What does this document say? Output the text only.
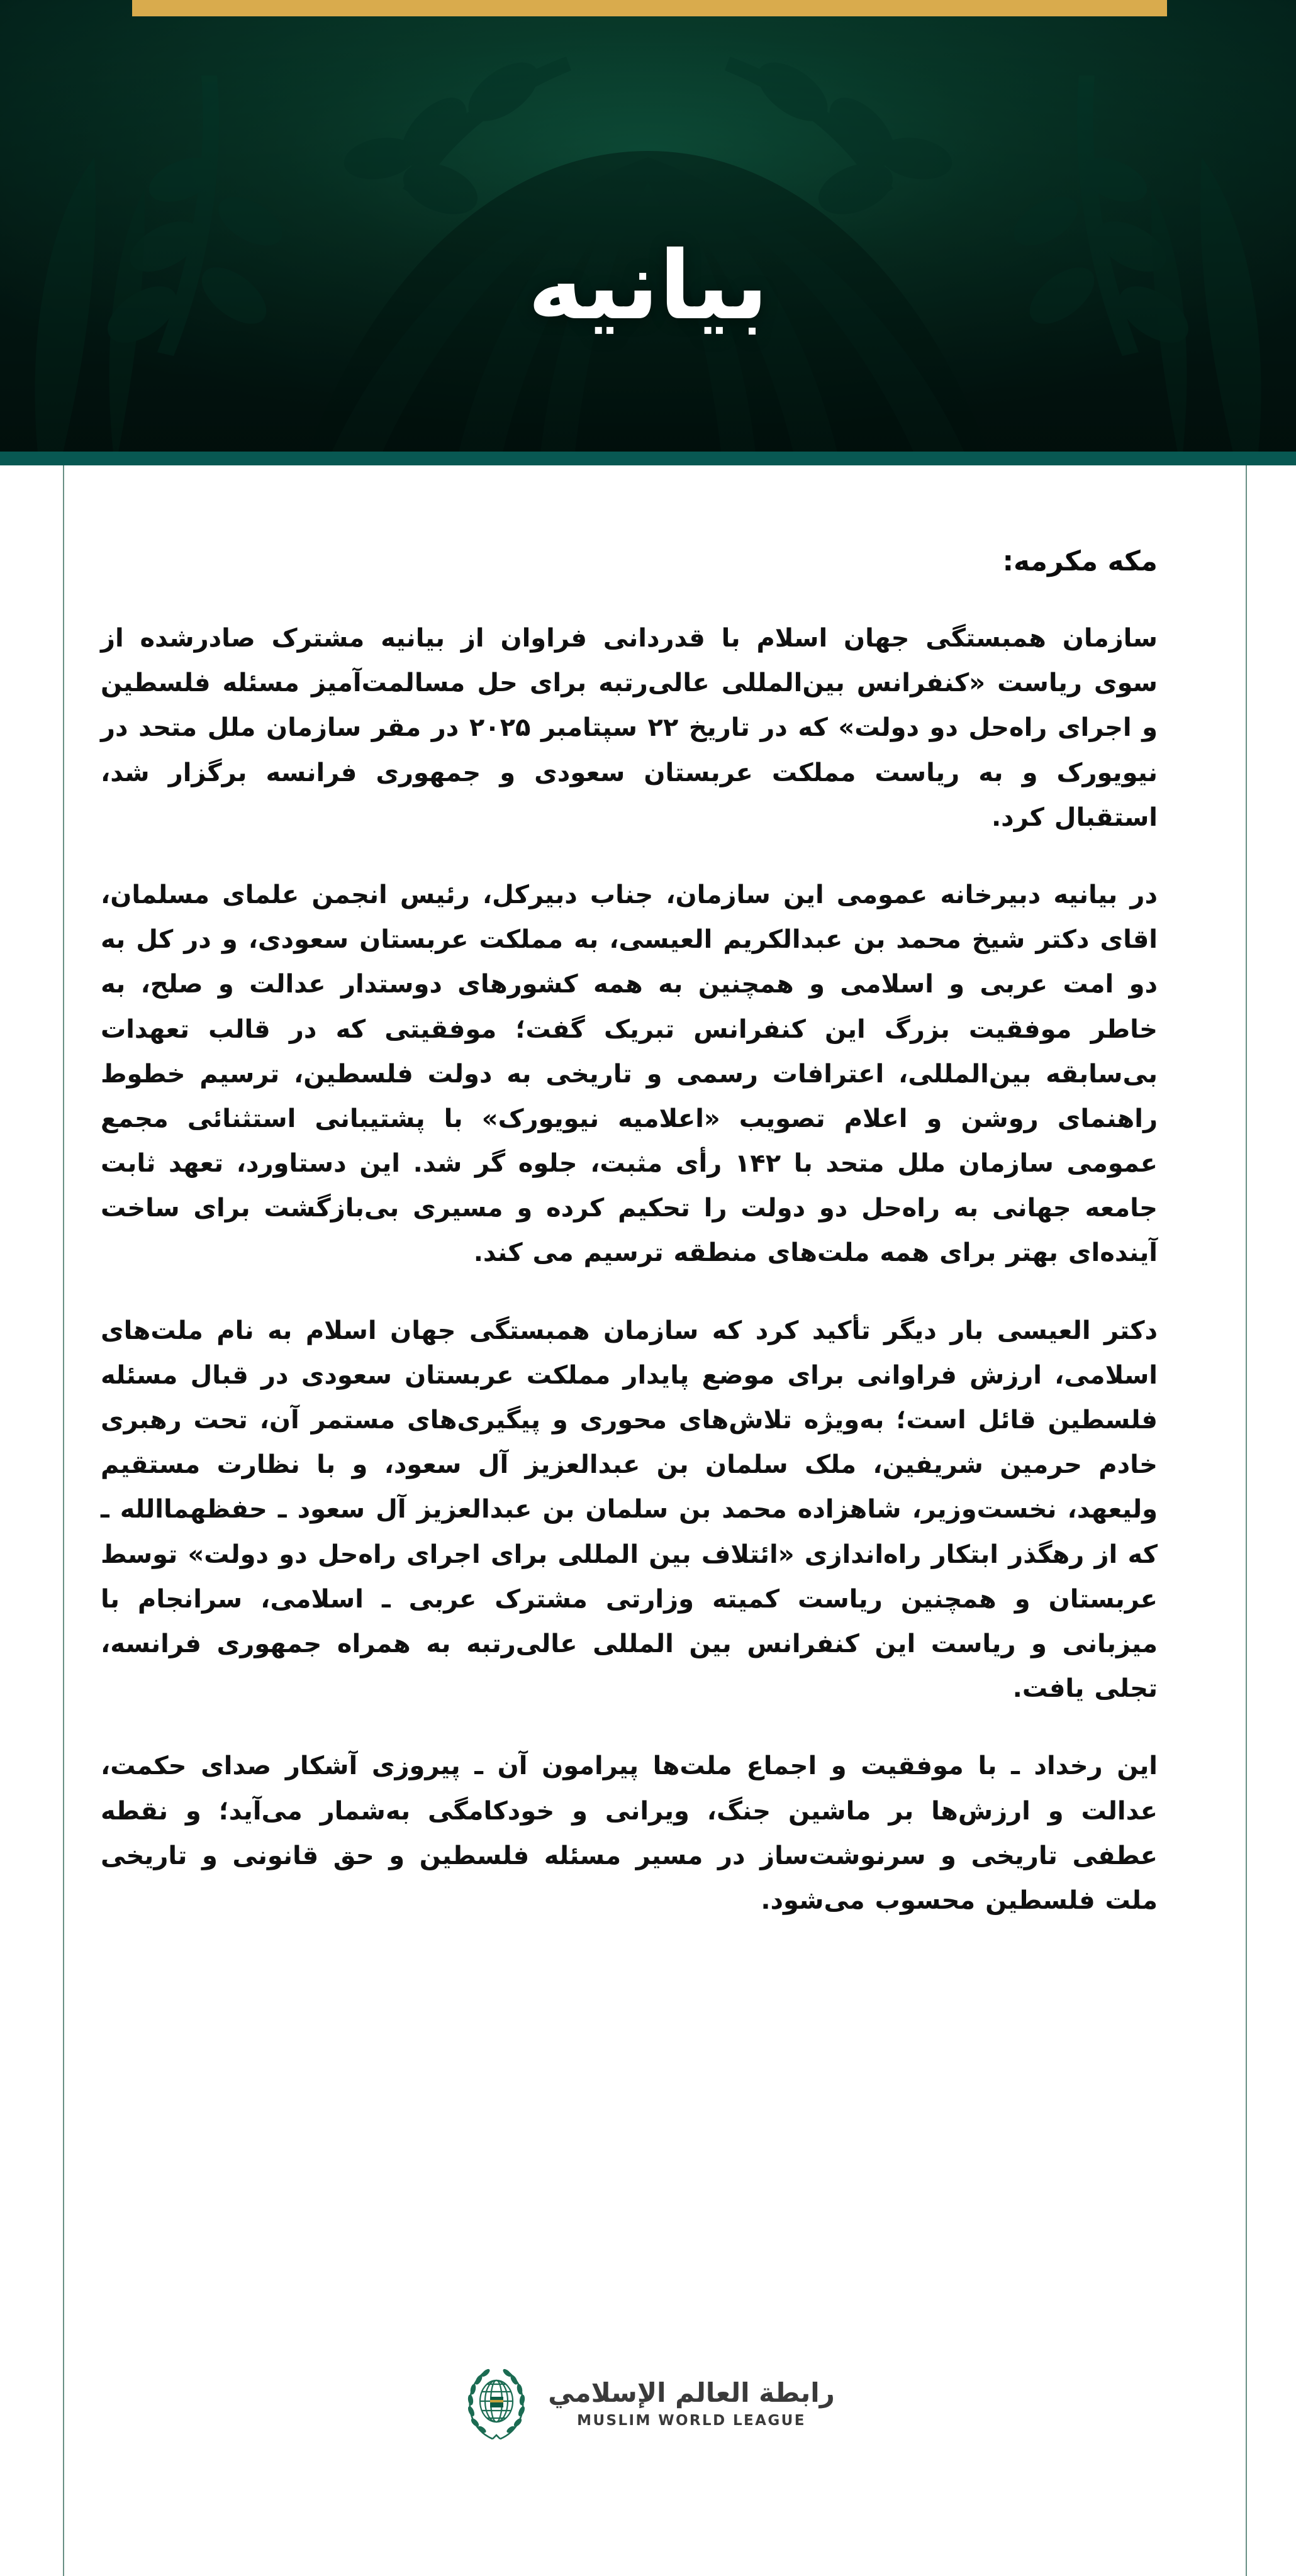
بیانیه

مکه مکرمه:

سازمان همبستگی جهان اسلام با قدردانی فراوان از بیانیه مشترک صادرشده از سوی ریاست «کنفرانس بین‌المللی عالی‌رتبه برای حل مسالمت‌آمیز مسئله فلسطین و اجرای راه‌حل دو دولت» که در تاریخ ۲۲ سپتامبر ۲۰۲۵ در مقر سازمان ملل متحد در نیویورک و به ریاست مملکت عربستان سعودی و جمهوری فرانسه برگزار شد، استقبال کرد.

در بیانیه دبیرخانه عمومی این سازمان، جناب دبیرکل، رئیس انجمن علمای مسلمان، اقای دکتر شیخ محمد بن عبدالکریم العیسی، به مملکت عربستان سعودی، و در کل به دو امت عربی و اسلامی و همچنین به همه کشورهای دوستدار عدالت و صلح، به خاطر موفقیت بزرگ این کنفرانس تبریک گفت؛ موفقیتی که در قالب تعهدات بی‌سابقه بین‌المللی، اعترافات رسمی و تاریخی به دولت فلسطین، ترسیم خطوط راهنمای روشن و اعلام تصویب «اعلامیه نیویورک» با پشتیبانی استثنائی مجمع عمومی سازمان ملل متحد با ۱۴۲ رأی مثبت، جلوه گر شد. این دستاورد، تعهد ثابت جامعه جهانی به راه‌حل دو دولت را تحکیم کرده و مسیری بی‌بازگشت برای ساخت آینده‌ای بهتر برای همه ملت‌های منطقه ترسیم می کند.

دکتر العیسی بار دیگر تأکید کرد که سازمان همبستگی جهان اسلام به نام ملت‌های اسلامی، ارزش فراوانی برای موضع پایدار مملکت عربستان سعودی در قبال مسئله فلسطین قائل است؛ به‌ویژه تلاش‌های محوری و پیگیری‌های مستمر آن، تحت رهبری خادم حرمین شریفین، ملک سلمان بن عبدالعزیز آل سعود، و با نظارت مستقیم ولیعهد، نخست‌وزیر، شاهزاده محمد بن سلمان بن عبدالعزیز آل سعود ـ حفظهماالله ـ که از رهگذر ابتکار راه‌اندازی «ائتلاف بین المللی برای اجرای راه‌حل دو دولت» توسط عربستان و همچنین ریاست کمیته وزارتی مشترک عربی ـ اسلامی، سرانجام با میزبانی و ریاست این کنفرانس بین المللی عالی‌رتبه به همراه جمهوری فرانسه، تجلی یافت.

این رخداد ـ با موفقیت و اجماع ملت‌ها پیرامون آن ـ پیروزی آشکار صدای حکمت، عدالت و ارزش‌ها بر ماشین جنگ، ویرانی و خودکامگی به‌شمار می‌آید؛ و نقطه عطفی تاریخی و سرنوشت‌ساز در مسیر مسئله فلسطین و حق قانونی و تاریخی ملت فلسطین محسوب می‌شود.

رابطة العالم الإسلامي
MUSLIM WORLD LEAGUE
